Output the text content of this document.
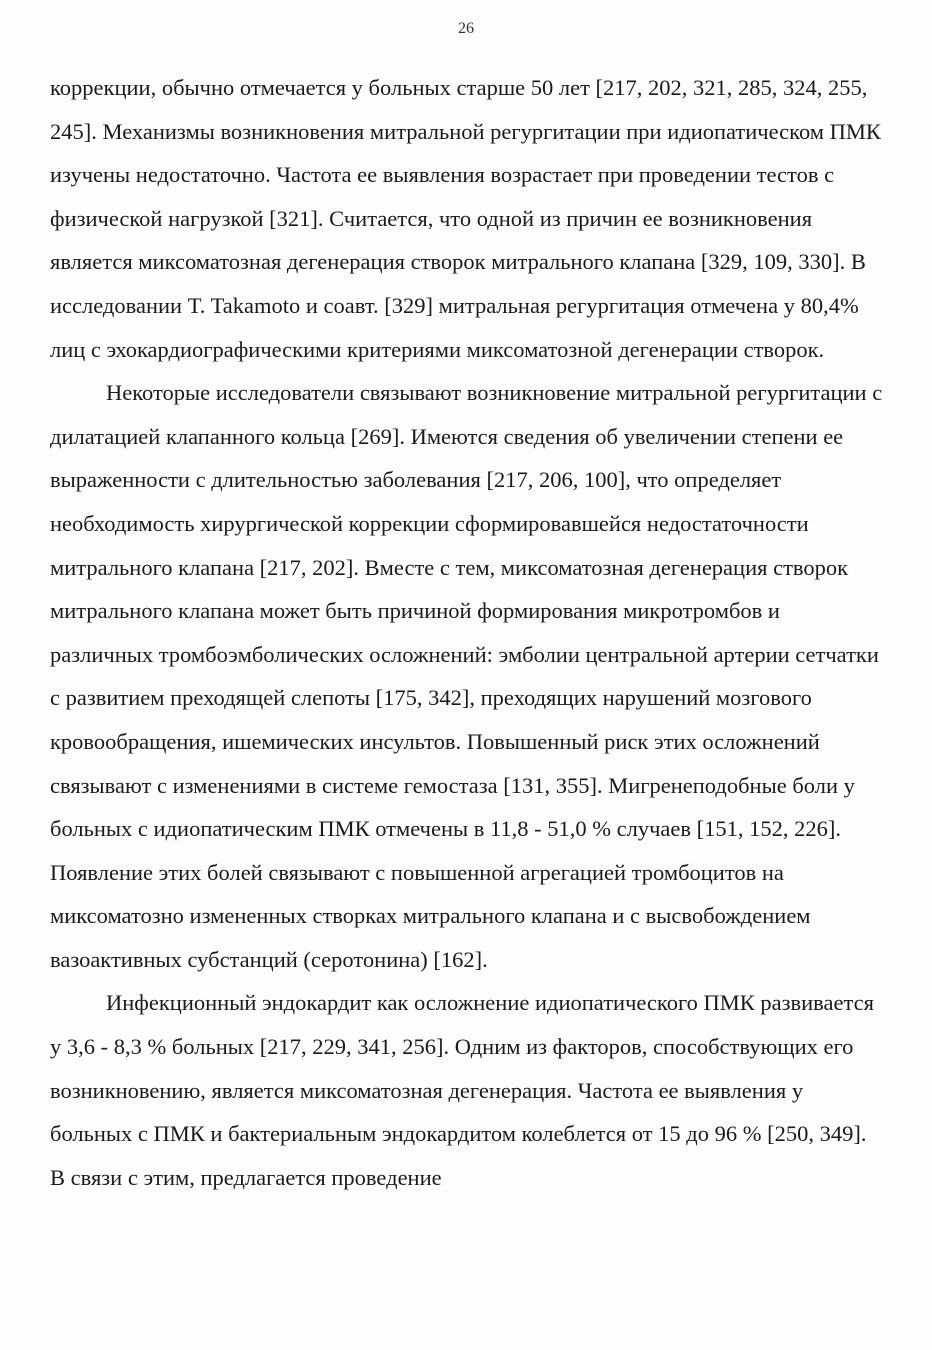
26

коррекции, обычно отмечается у больных старше 50 лет [217, 202, 321, 285, 324, 255, 245]. Механизмы возникновения митральной регургитации при идиопатическом ПМК изучены недостаточно. Частота ее выявления возрастает при проведении тестов с физической нагрузкой [321]. Считается, что одной из причин ее возникновения является миксоматозная дегенерация створок митрального клапана [329, 109, 330]. В исследовании T. Takamoto и соавт. [329] митральная регургитация отмечена у 80,4% лиц с эхокардиографическими критериями миксоматозной дегенерации створок.

Некоторые исследователи связывают возникновение митральной регургитации с дилатацией клапанного кольца [269]. Имеются сведения об увеличении степени ее выраженности с длительностью заболевания [217, 206, 100], что определяет необходимость хирургической коррекции сформировавшейся недостаточности митрального клапана [217, 202]. Вместе с тем, миксоматозная дегенерация створок митрального клапана может быть причиной формирования микротромбов и различных тромбоэмболических осложнений: эмболии центральной артерии сетчатки с развитием преходящей слепоты [175, 342], преходящих нарушений мозгового кровообращения, ишемических инсультов. Повышенный риск этих осложнений связывают с изменениями в системе гемостаза [131, 355]. Мигренеподобные боли у больных с идиопатическим ПМК отмечены в 11,8 - 51,0 % случаев [151, 152, 226]. Появление этих болей связывают с повышенной агрегацией тромбоцитов на миксоматозно измененных створках митрального клапана и с высвобождением вазоактивных субстанций (серотонина) [162].

Инфекционный эндокардит как осложнение идиопатического ПМК развивается у 3,6 - 8,3 % больных [217, 229, 341, 256]. Одним из факторов, способствующих его возникновению, является миксоматозная дегенерация. Частота ее выявления у больных с ПМК и бактериальным эндокардитом колеблется от 15 до 96 % [250, 349]. В связи с этим, предлагается проведение
